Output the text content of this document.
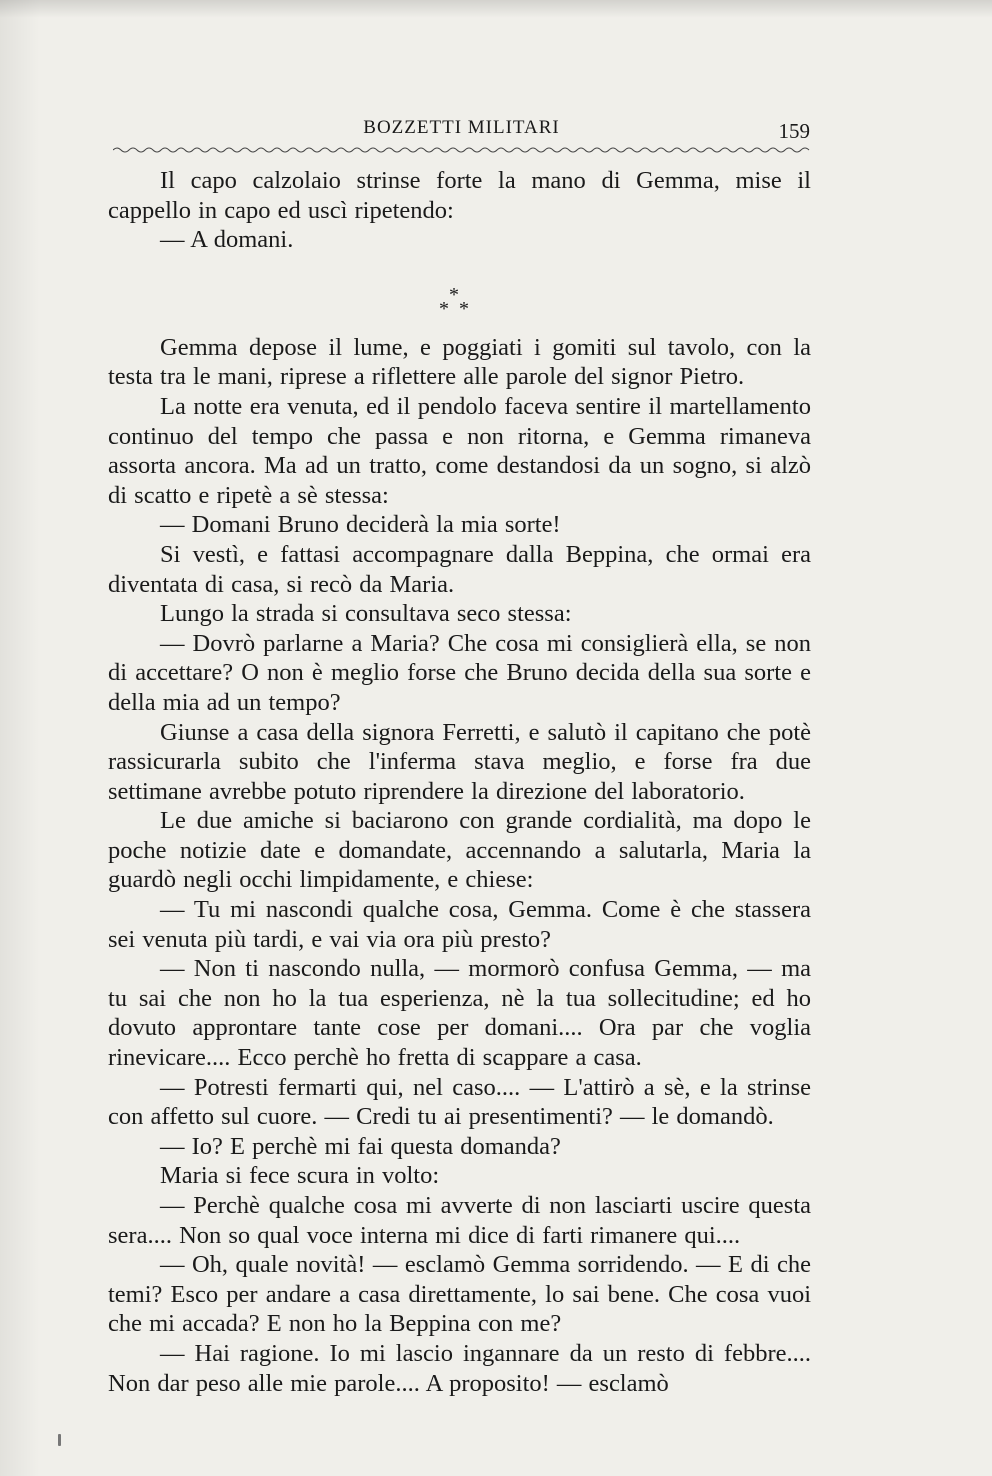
BOZZETTI MILITARI	159

Il capo calzolaio strinse forte la mano di Gemma, mise il cappello in capo ed uscì ripetendo:

— A domani.

*
* *

Gemma depose il lume, e poggiati i gomiti sul tavolo, con la testa tra le mani, riprese a riflettere alle parole del signor Pietro.

La notte era venuta, ed il pendolo faceva sentire il martellamento continuo del tempo che passa e non ritorna, e Gemma rimaneva assorta ancora. Ma ad un tratto, come destandosi da un sogno, si alzò di scatto e ripetè a sè stessa:

— Domani Bruno deciderà la mia sorte!

Si vestì, e fattasi accompagnare dalla Beppina, che ormai era diventata di casa, si recò da Maria.

Lungo la strada si consultava seco stessa:

— Dovrò parlarne a Maria? Che cosa mi consiglierà ella, se non di accettare? O non è meglio forse che Bruno decida della sua sorte e della mia ad un tempo?

Giunse a casa della signora Ferretti, e salutò il capitano che potè rassicurarla subito che l'inferma stava meglio, e forse fra due settimane avrebbe potuto riprendere la direzione del laboratorio.

Le due amiche si baciarono con grande cordialità, ma dopo le poche notizie date e domandate, accennando a salutarla, Maria la guardò negli occhi limpidamente, e chiese:

— Tu mi nascondi qualche cosa, Gemma. Come è che stassera sei venuta più tardi, e vai via ora più presto?

— Non ti nascondo nulla, — mormorò confusa Gemma, — ma tu sai che non ho la tua esperienza, nè la tua sollecitudine; ed ho dovuto approntare tante cose per domani.... Ora par che voglia rinevicare.... Ecco perchè ho fretta di scappare a casa.

— Potresti fermarti qui, nel caso.... — L'attirò a sè, e la strinse con affetto sul cuore. — Credi tu ai presentimenti? — le domandò.

— Io? E perchè mi fai questa domanda?

Maria si fece scura in volto:

— Perchè qualche cosa mi avverte di non lasciarti uscire questa sera.... Non so qual voce interna mi dice di farti rimanere qui....

— Oh, quale novità! — esclamò Gemma sorridendo. — E di che temi? Esco per andare a casa direttamente, lo sai bene. Che cosa vuoi che mi accada? E non ho la Beppina con me?

— Hai ragione. Io mi lascio ingannare da un resto di febbre.... Non dar peso alle mie parole.... A proposito! — esclamò
